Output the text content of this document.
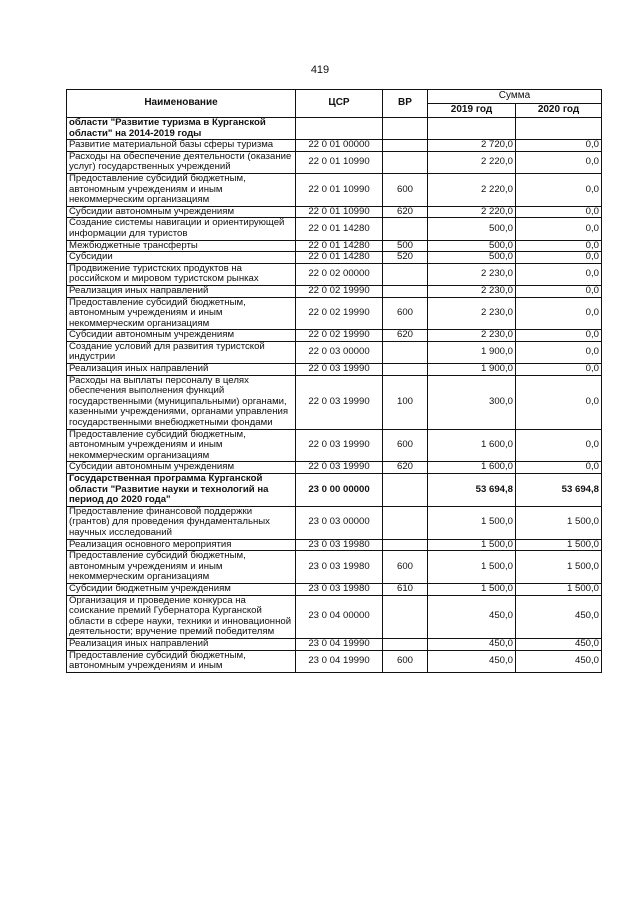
419
Наименование	ЦСР	ВР	Сумма	
			2019 год	2020 год
области "Развитие туризма в Курганской области" на 2014-2019 годы				
Развитие материальной базы сферы туризма	22 0 01 00000		2 720,0	0,0
Расходы на обеспечение деятельности (оказание услуг) государственных учреждений	22 0 01 10990		2 220,0	0,0
Предоставление субсидий бюджетным, автономным учреждениям и иным некоммерческим организациям	22 0 01 10990	600	2 220,0	0,0
Субсидии автономным учреждениям	22 0 01 10990	620	2 220,0	0,0
Создание системы навигации и ориентирующей информации для туристов	22 0 01 14280		500,0	0,0
Межбюджетные трансферты	22 0 01 14280	500	500,0	0,0
Субсидии	22 0 01 14280	520	500,0	0,0
Продвижение туристских продуктов на российском и мировом туристском рынках	22 0 02 00000		2 230,0	0,0
Реализация иных направлений	22 0 02 19990		2 230,0	0,0
Предоставление субсидий бюджетным, автономным учреждениям и иным некоммерческим организациям	22 0 02 19990	600	2 230,0	0,0
Субсидии автономным учреждениям	22 0 02 19990	620	2 230,0	0,0
Создание условий для развития туристской индустрии	22 0 03 00000		1 900,0	0,0
Реализация иных направлений	22 0 03 19990		1 900,0	0,0
Расходы на выплаты персоналу в целях обеспечения выполнения функций государственными (муниципальными) органами, казенными учреждениями, органами управления государственными внебюджетными фондами	22 0 03 19990	100	300,0	0,0
Предоставление субсидий бюджетным, автономным учреждениям и иным некоммерческим организациям	22 0 03 19990	600	1 600,0	0,0
Субсидии автономным учреждениям	22 0 03 19990	620	1 600,0	0,0
Государственная программа Курганской области "Развитие науки и технологий на период до 2020 года"	23 0 00 00000		53 694,8	53 694,8
Предоставление финансовой поддержки (грантов) для проведения фундаментальных научных исследований	23 0 03 00000		1 500,0	1 500,0
Реализация основного мероприятия	23 0 03 19980		1 500,0	1 500,0
Предоставление субсидий бюджетным, автономным учреждениям и иным некоммерческим организациям	23 0 03 19980	600	1 500,0	1 500,0
Субсидии бюджетным учреждениям	23 0 03 19980	610	1 500,0	1 500,0
Организация и проведение конкурса на соискание премий Губернатора Курганской области в сфере науки, техники и инновационной деятельности; вручение премий победителям	23 0 04 00000		450,0	450,0
Реализация иных направлений	23 0 04 19990		450,0	450,0
Предоставление субсидий бюджетным, автономным учреждениям и иным	23 0 04 19990	600	450,0	450,0
